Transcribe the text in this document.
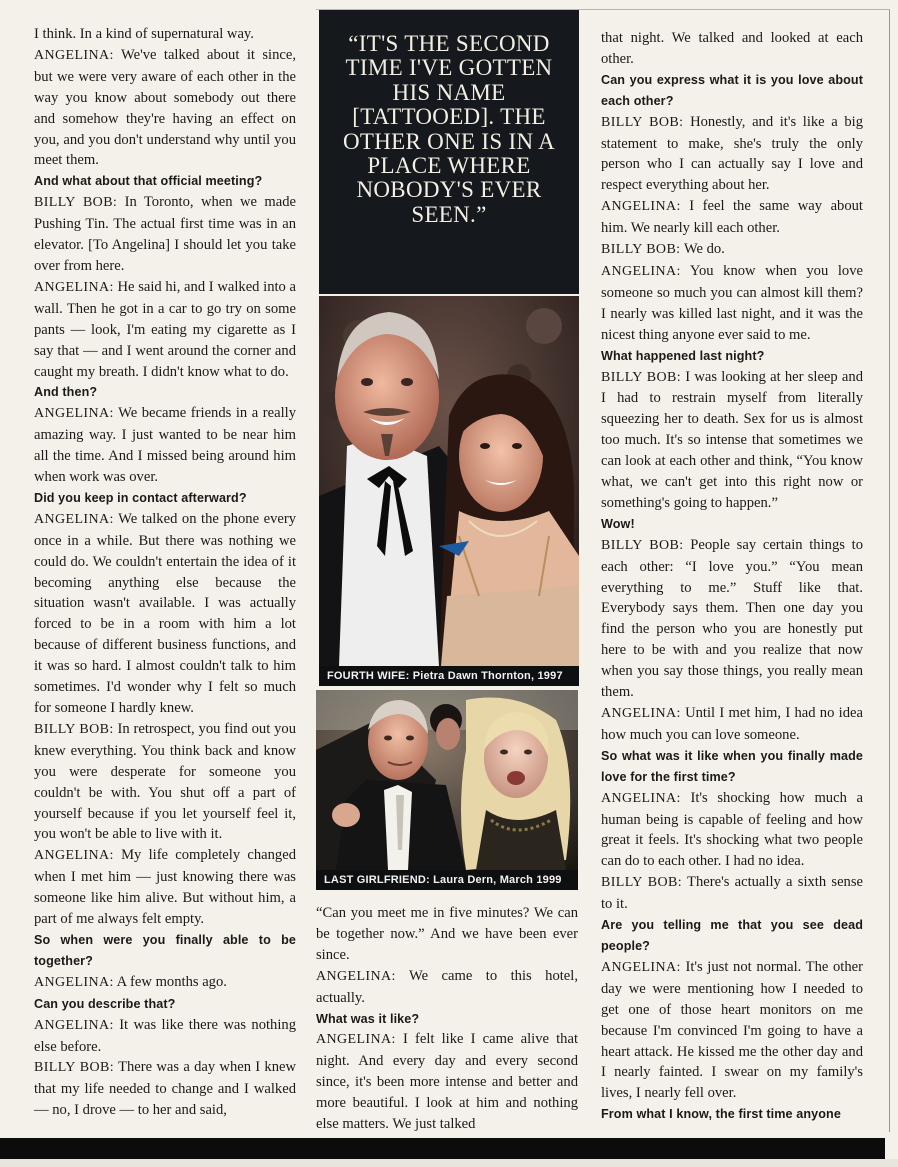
I think. In a kind of supernatural way.

ANGELINA: We've talked about it since, but we were very aware of each other in the way you know about somebody out there and somehow they're having an effect on you, and you don't understand why until you meet them.

And what about that official meeting?

BILLY BOB: In Toronto, when we made Pushing Tin. The actual first time was in an elevator. [To Angelina] I should let you take over from here.

ANGELINA: He said hi, and I walked into a wall. Then he got in a car to go try on some pants — look, I'm eating my cigarette as I say that — and I went around the corner and caught my breath. I didn't know what to do.

And then?

ANGELINA: We became friends in a really amazing way. I just wanted to be near him all the time. And I missed being around him when work was over.

Did you keep in contact afterward?

ANGELINA: We talked on the phone every once in a while. But there was nothing we could do. We couldn't entertain the idea of it becoming anything else because the situation wasn't available. I was actually forced to be in a room with him a lot because of different business functions, and it was so hard. I almost couldn't talk to him sometimes. I'd wonder why I felt so much for someone I hardly knew.

BILLY BOB: In retrospect, you find out you knew everything. You think back and know you were desperate for someone you couldn't be with. You shut off a part of yourself because if you let yourself feel it, you won't be able to live with it.

ANGELINA: My life completely changed when I met him — just knowing there was someone like him alive. But without him, a part of me always felt empty.

So when were you finally able to be together?

ANGELINA: A few months ago.

Can you describe that?

ANGELINA: It was like there was nothing else before.

BILLY BOB: There was a day when I knew that my life needed to change and I walked — no, I drove — to her and said,

“IT'S THE SECOND TIME I'VE GOTTEN HIS NAME [TATTOOED]. THE OTHER ONE IS IN A PLACE WHERE NOBODY'S EVER SEEN.”
FOURTH WIFE: Pietra Dawn Thornton, 1997
LAST GIRLFRIEND: Laura Dern, March 1999

“Can you meet me in five minutes? We can be together now.” And we have been ever since.

ANGELINA: We came to this hotel, actually.

What was it like?

ANGELINA: I felt like I came alive that night. And every day and every second since, it's been more intense and better and more beautiful. I look at him and nothing else matters. We just talked

that night. We talked and looked at each other.

Can you express what it is you love about each other?

BILLY BOB: Honestly, and it's like a big statement to make, she's truly the only person who I can actually say I love and respect everything about her.

ANGELINA: I feel the same way about him. We nearly kill each other.

BILLY BOB: We do.

ANGELINA: You know when you love someone so much you can almost kill them? I nearly was killed last night, and it was the nicest thing anyone ever said to me.

What happened last night?

BILLY BOB: I was looking at her sleep and I had to restrain myself from literally squeezing her to death. Sex for us is almost too much. It's so intense that sometimes we can look at each other and think, “You know what, we can't get into this right now or something's going to happen.”

Wow!

BILLY BOB: People say certain things to each other: “I love you.” “You mean everything to me.” Stuff like that. Everybody says them. Then one day you find the person who you are honestly put here to be with and you realize that now when you say those things, you really mean them.

ANGELINA: Until I met him, I had no idea how much you can love someone.

So what was it like when you finally made love for the first time?

ANGELINA: It's shocking how much a human being is capable of feeling and how great it feels. It's shocking what two people can do to each other. I had no idea.

BILLY BOB: There's actually a sixth sense to it.

Are you telling me that you see dead people?

ANGELINA: It's just not normal. The other day we were mentioning how I needed to get one of those heart monitors on me because I'm convinced I'm going to have a heart attack. He kissed me the other day and I nearly fainted. I swear on my family's lives, I nearly fell over.

From what I know, the first time anyone
